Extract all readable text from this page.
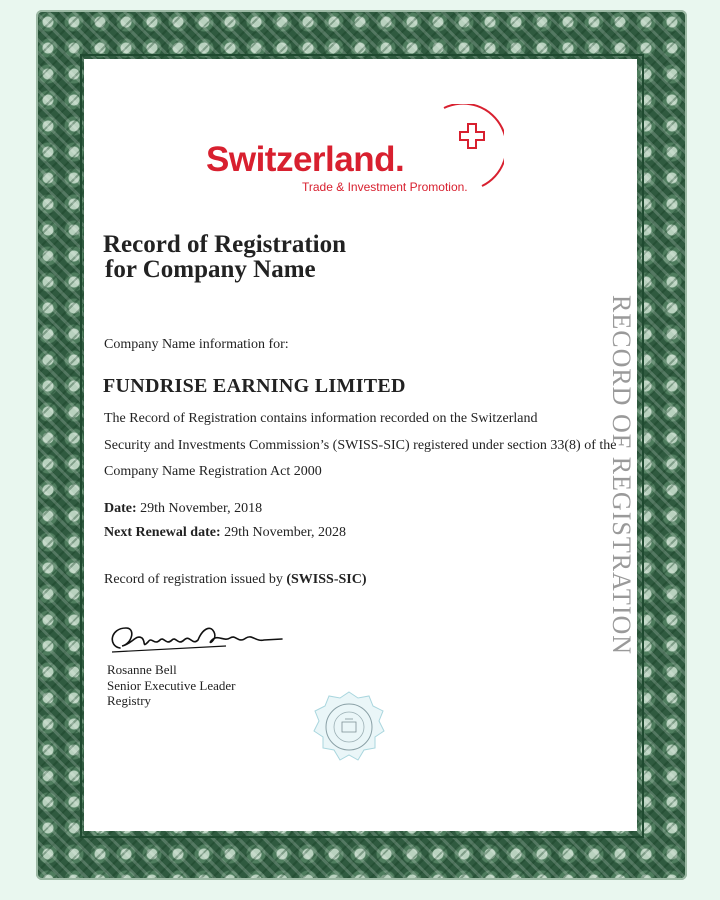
Switzerland.
Trade & Investment Promotion.
Record of Registration
for Company Name
Company Name information for:
FUNDRISE EARNING LIMITED
The Record of Registration contains information recorded on the Switzerland
Security and Investments Commission’s (SWISS-SIC) registered under section 33(8) of the
Company Name Registration Act 2000
Date: 29th November, 2018
Next Renewal date: 29th November, 2028
Record of registration issued by (SWISS-SIC)
Rosanne Bell
Senior Executive Leader
Registry
RECORD OF REGISTRATION
